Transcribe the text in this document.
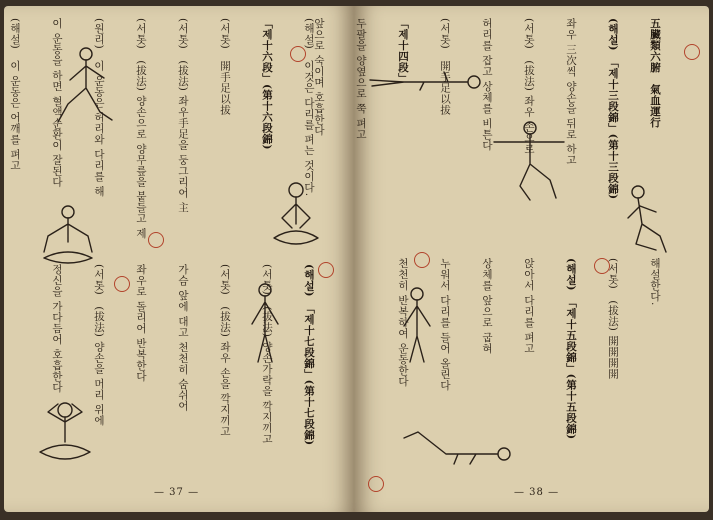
(해설)　이것은 다리를 펴는 것이다.

「제十六段」(第十六段錦)

(서톳)　開手足以拔

(서톳)　(拔法) 좌우手足을 둥그리어 主

(서톳)　(拔法) 양손으로 양무릎을 붙들고 제

(원리)　이 운동은 허리와 다리를 해

이 운동을 하면 혈액순환이 잘된다

(해설)　이 운동은 어깨를 펴고

(해설)　「제十七段錦」(第十七段錦)

(서톳)　(拔法) 양손가락을 깍지끼고

(서톳)　(拔法) 좌우 손을 깍지끼고

가슴 앞에 대고 천천히 숨쉬어

좌우로 돌리어 반복한다

(서톳)　(拔法) 양손을 머리 위에

정신을 가다듬어 호흡한다

— 37 —

五臟類六腑　氣血運行

(해설)　「제十三段錦」(第十三段錦)

좌우 三次씩 양손을 뒤로 하고

(서톳)　(拔法) 좌우 손으로

허리를 잡고 상체를 비튼다

(서톳)　開手足以拔

「제十四段」

두팔을 양옆으로 쭉 펴고

앞으로 숙이며 호흡한다

해설한다.

(서톳)　(拔法) 開開開開

(해설)　「제十五段錦」(第十五段錦)

앉아서 다리를 펴고

상체를 앞으로 굽혀

누워서 다리를 들어 올린다

천천히 반복하여 운동한다

— 38 —
